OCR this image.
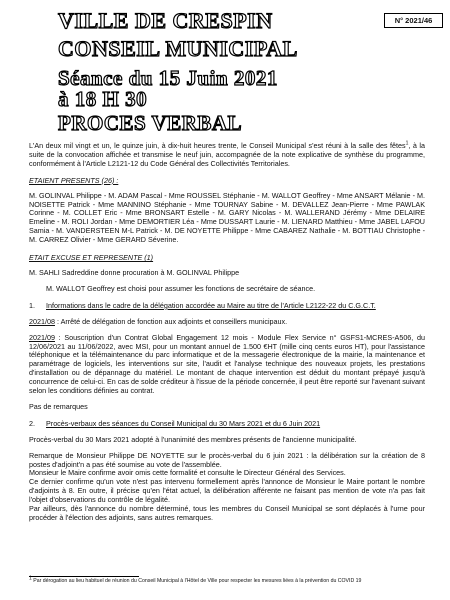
VILLE DE CRESPIN	N° 2021/46
CONSEIL MUNICIPAL
Séance du 15 Juin 2021
à 18 H 30
PROCES VERBAL

L'An deux mil vingt et un, le quinze juin, à dix-huit heures trente, le Conseil Municipal s'est réuni à la salle des fêtes$^1$, à la suite de la convocation affichée et transmise le neuf juin, accompagnée de la note explicative de synthèse du programme, conformément à l'Article L2121-12 du Code Général des Collectivités Territoriales.

ETAIENT PRESENTS (26) :

M. GOLINVAL Philippe - M. ADAM Pascal - Mme ROUSSEL Stéphanie - M. WALLOT Geoffrey - Mme ANSART Mélanie - M. NOISETTE Patrick - Mme MANNINO Stéphanie - Mme TOURNAY Sabine - M. DEVALLEZ Jean-Pierre - Mme PAWLAK Corinne - M. COLLET Eric - Mme BRONSART Estelle - M. GARY Nicolas - M. WALLERAND Jérémy - Mme DELAIRE Emeline - M. ROLI Jordan - Mme DEMORTIER Léa - Mme DUSSART Laurie - M. LIENARD Matthieu - Mme JABEL LAFOU Samia - M. VANDERSTEEN M-L Patrick - M. DE NOYETTE Philippe - Mme CABAREZ Nathalie - M. BOTTIAU Christophe - M. CARREZ Olivier - Mme GERARD Séverine.

ETAIT EXCUSE ET REPRESENTE (1)

M. SAHLI Sadreddine donne procuration à M. GOLINVAL Philippe

M. WALLOT Geoffrey est choisi pour assumer les fonctions de secrétaire de séance.

1.	Informations dans le cadre de la délégation accordée au Maire au titre de l'Article L2122-22 du C.G.C.T.

2021/08 : Arrêté de délégation de fonction aux adjoints et conseillers municipaux.

2021/09 : Souscription d'un Contrat Global Engagement 12 mois - Module Flex Service n° GSFS1-MCRES-A506, du 12/06/2021 au 11/06/2022, avec MSI, pour un montant annuel de 1.500 €HT (mille cinq cents euros HT), pour l'assistance téléphonique et la télémaintenance du parc informatique et de la messagerie électronique de la mairie, la maintenance et paramétrage de logiciels, les interventions sur site, l'audit et l'analyse technique des nouveaux projets, les prestations d'installation ou de dépannage du matériel. Le montant de chaque intervention est déduit du montant prépayé jusqu'à concurrence de celui-ci. En cas de solde créditeur à l'issue de la période concernée, il peut être reporté sur l'avenant suivant selon les conditions définies au contrat.

Pas de remarques

2.	Procès-verbaux des séances du Conseil Municipal du 30 Mars 2021 et du 6 Juin 2021

Procès-verbal du 30 Mars 2021 adopté à l'unanimité des membres présents de l'ancienne municipalité.

Remarque de Monsieur Philippe DE NOYETTE sur le procès-verbal du 6 juin 2021 : la délibération sur la création de 8 postes d'adjoint'n a pas été soumise au vote de l'assemblée.

Monsieur le Maire confirme avoir omis cette formalité et consulte le Directeur Général des Services.

Ce dernier confirme qu'un vote n'est pas intervenu formellement après l'annonce de Monsieur le Maire portant le nombre d'adjoints à 8. En outre, il précise qu'en l'état actuel, la délibération afférente ne faisant pas mention de vote n'a pas fait l'objet d'observations du contrôle de légalité.

Par ailleurs, dès l'annonce du nombre déterminé, tous les membres du Conseil Municipal se sont déplacés à l'urne pour procéder à l'élection des adjoints, sans autres remarques.

1 Par dérogation au lieu habituel de réunion du Conseil Municipal à l'Hôtel de Ville pour respecter les mesures liées à la prévention du COVID 19
